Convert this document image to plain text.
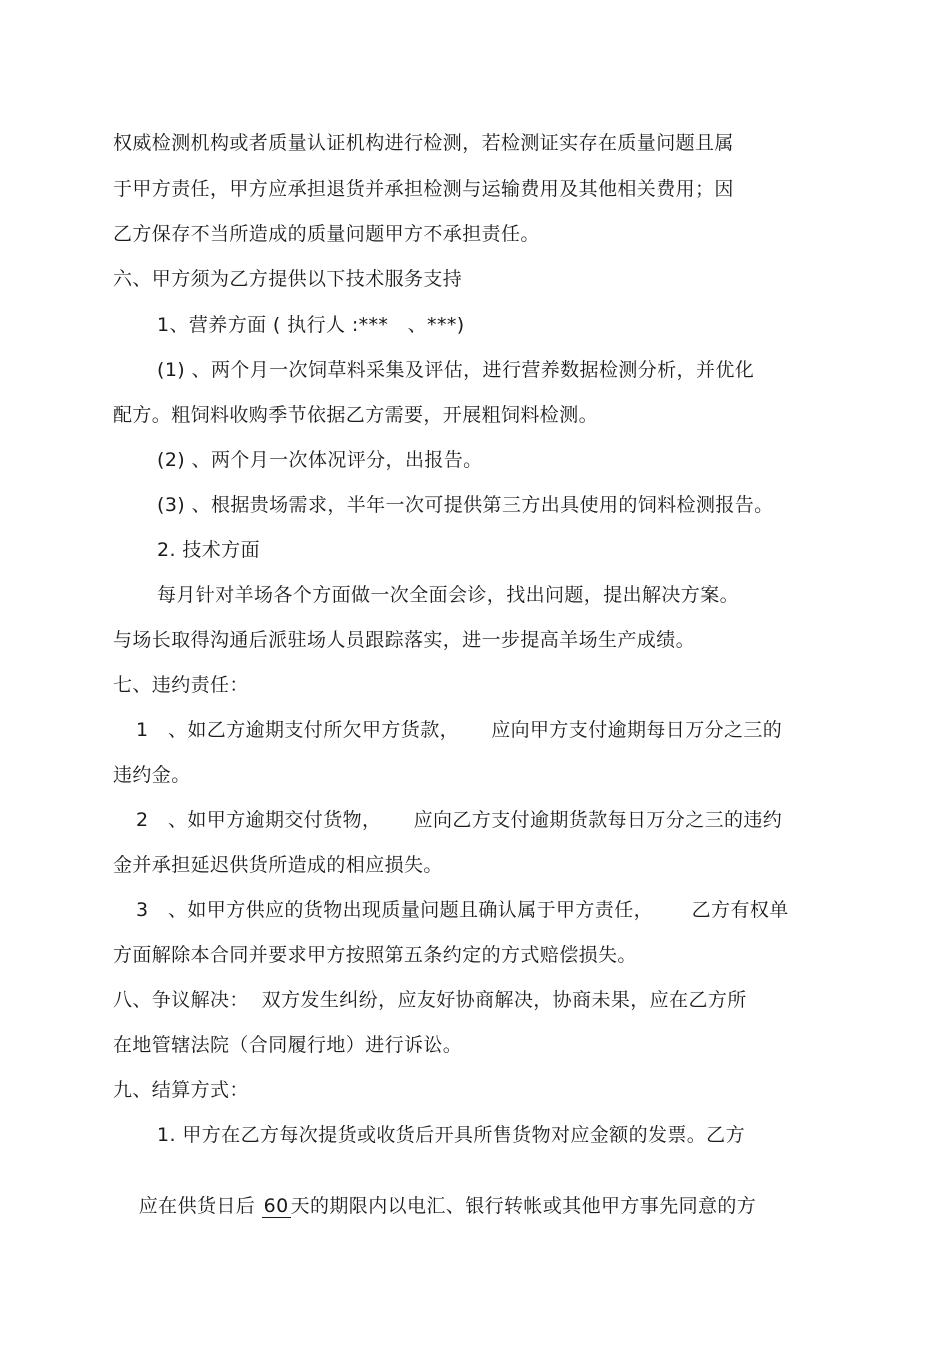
权威检测机构或者质量认证机构进行检测，若检测证实存在质量问题且属
于甲方责任，甲方应承担退货并承担检测与运输费用及其他相关费用；因
乙方保存不当所造成的质量问题甲方不承担责任。
六、甲方须为乙方提供以下技术服务支持
1、营养方面 ( 执行人 :***   、***)
(1) 、两个月一次饲草料采集及评估，进行营养数据检测分析，并优化
配方。粗饲料收购季节依据乙方需要，开展粗饲料检测。
(2) 、两个月一次体况评分，出报告。
(3) 、根据贵场需求，半年一次可提供第三方出具使用的饲料检测报告。
2. 技术方面
每月针对羊场各个方面做一次全面会诊，找出问题，提出解决方案。
与场长取得沟通后派驻场人员跟踪落实，进一步提高羊场生产成绩。
七、违约责任：
1 、如乙方逾期支付所欠甲方货款，     应向甲方支付逾期每日万分之三的
违约金。
2 、如甲方逾期交付货物，     应向乙方支付逾期货款每日万分之三的违约
金并承担延迟供货所造成的相应损失。
3 、如甲方供应的货物出现质量问题且确认属于甲方责任，      乙方有权单
方面解除本合同并要求甲方按照第五条约定的方式赔偿损失。
八、争议解决：  双方发生纠纷，应友好协商解决，协商未果，应在乙方所
在地管辖法院（合同履行地）进行诉讼。
九、结算方式：
1. 甲方在乙方每次提货或收货后开具所售货物对应金额的发票。乙方

应在供货日后 60 天的期限内以电汇、银行转帐或其他甲方事先同意的方
